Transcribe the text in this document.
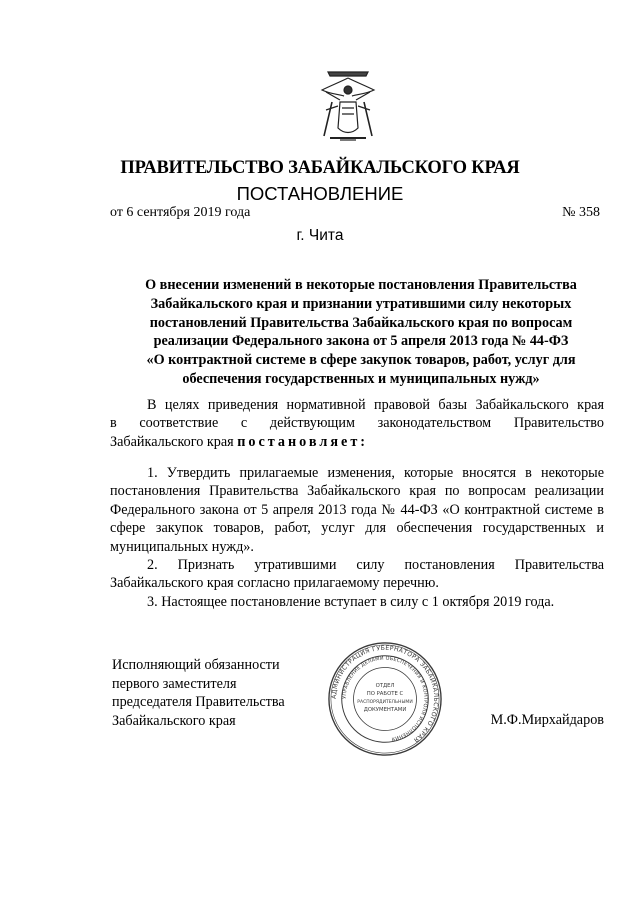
ПРАВИТЕЛЬСТВО ЗАБАЙКАЛЬСКОГО КРАЯ
ПОСТАНОВЛЕНИЕ
от 6 сентября 2019 года	№ 358
г. Чита
О внесении изменений в некоторые постановления Правительства
Забайкальского края и признании утратившими силу некоторых
постановлений Правительства Забайкальского края по вопросам
реализации Федерального закона от 5 апреля 2013 года № 44-ФЗ
«О контрактной системе в сфере закупок товаров, работ, услуг для
обеспечения государственных и муниципальных нужд»
В целях приведения нормативной правовой базы Забайкальского края
в соответствие с действующим законодательством Правительство
Забайкальского края постановляет:

1. Утвердить прилагаемые изменения, которые вносятся в некоторые постановления Правительства Забайкальского края по вопросам реализации Федерального закона от 5 апреля 2013 года № 44-ФЗ «О контрактной системе в сфере закупок товаров, работ, услуг для обеспечения государственных и муниципальных нужд».

2. Признать утратившими силу постановления Правительства Забайкальского края согласно прилагаемому перечню.

3. Настоящее постановление вступает в силу с 1 октября 2019 года.

Исполняющий обязанности
первого заместителя
председателя Правительства
Забайкальского края
АДМИНИСТРАЦИЯ ГУБЕРНАТОРА ЗАБАЙКАЛЬСКОГО КРАЯ
УПРАВЛЕНИЕ ДЕЛАМИ ОБЕСПЕЧЕНИЯ И КОНТРОЛЯ ИСПОЛНЕНИЯ
ОТДЕЛ
ПО РАБОТЕ С
РАСПОРЯДИТЕЛЬНЫМИ
ДОКУМЕНТАМИ
М.Ф.Мирхайдаров
